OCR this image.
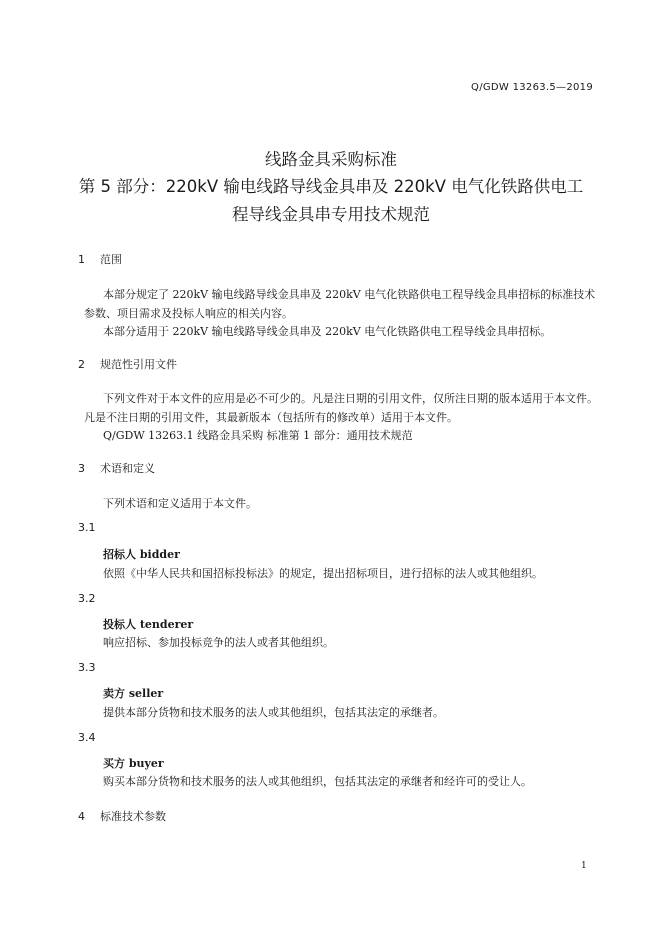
Q/GDW 13263.5—2019
线路金具采购标准
第 5 部分：220kV 输电线路导线金具串及 220kV 电气化铁路供电工
程导线金具串专用技术规范
1 范围
本部分规定了 220kV 输电线路导线金具串及 220kV 电气化铁路供电工程导线金具串招标的标准技术参数、项目需求及投标人响应的相关内容。
本部分适用于 220kV 输电线路导线金具串及 220kV 电气化铁路供电工程导线金具串招标。
2 规范性引用文件
下列文件对于本文件的应用是必不可少的。凡是注日期的引用文件，仅所注日期的版本适用于本文件。凡是不注日期的引用文件，其最新版本（包括所有的修改单）适用于本文件。
Q/GDW 13263.1 线路金具采购 标准第 1 部分：通用技术规范
3 术语和定义
下列术语和定义适用于本文件。
3.1
招标人 bidder
依照《中华人民共和国招标投标法》的规定，提出招标项目，进行招标的法人或其他组织。
3.2
投标人 tenderer
响应招标、参加投标竞争的法人或者其他组织。
3.3
卖方 seller
提供本部分货物和技术服务的法人或其他组织，包括其法定的承继者。
3.4
买方 buyer
购买本部分货物和技术服务的法人或其他组织，包括其法定的承继者和经许可的受让人。
4 标准技术参数
1
